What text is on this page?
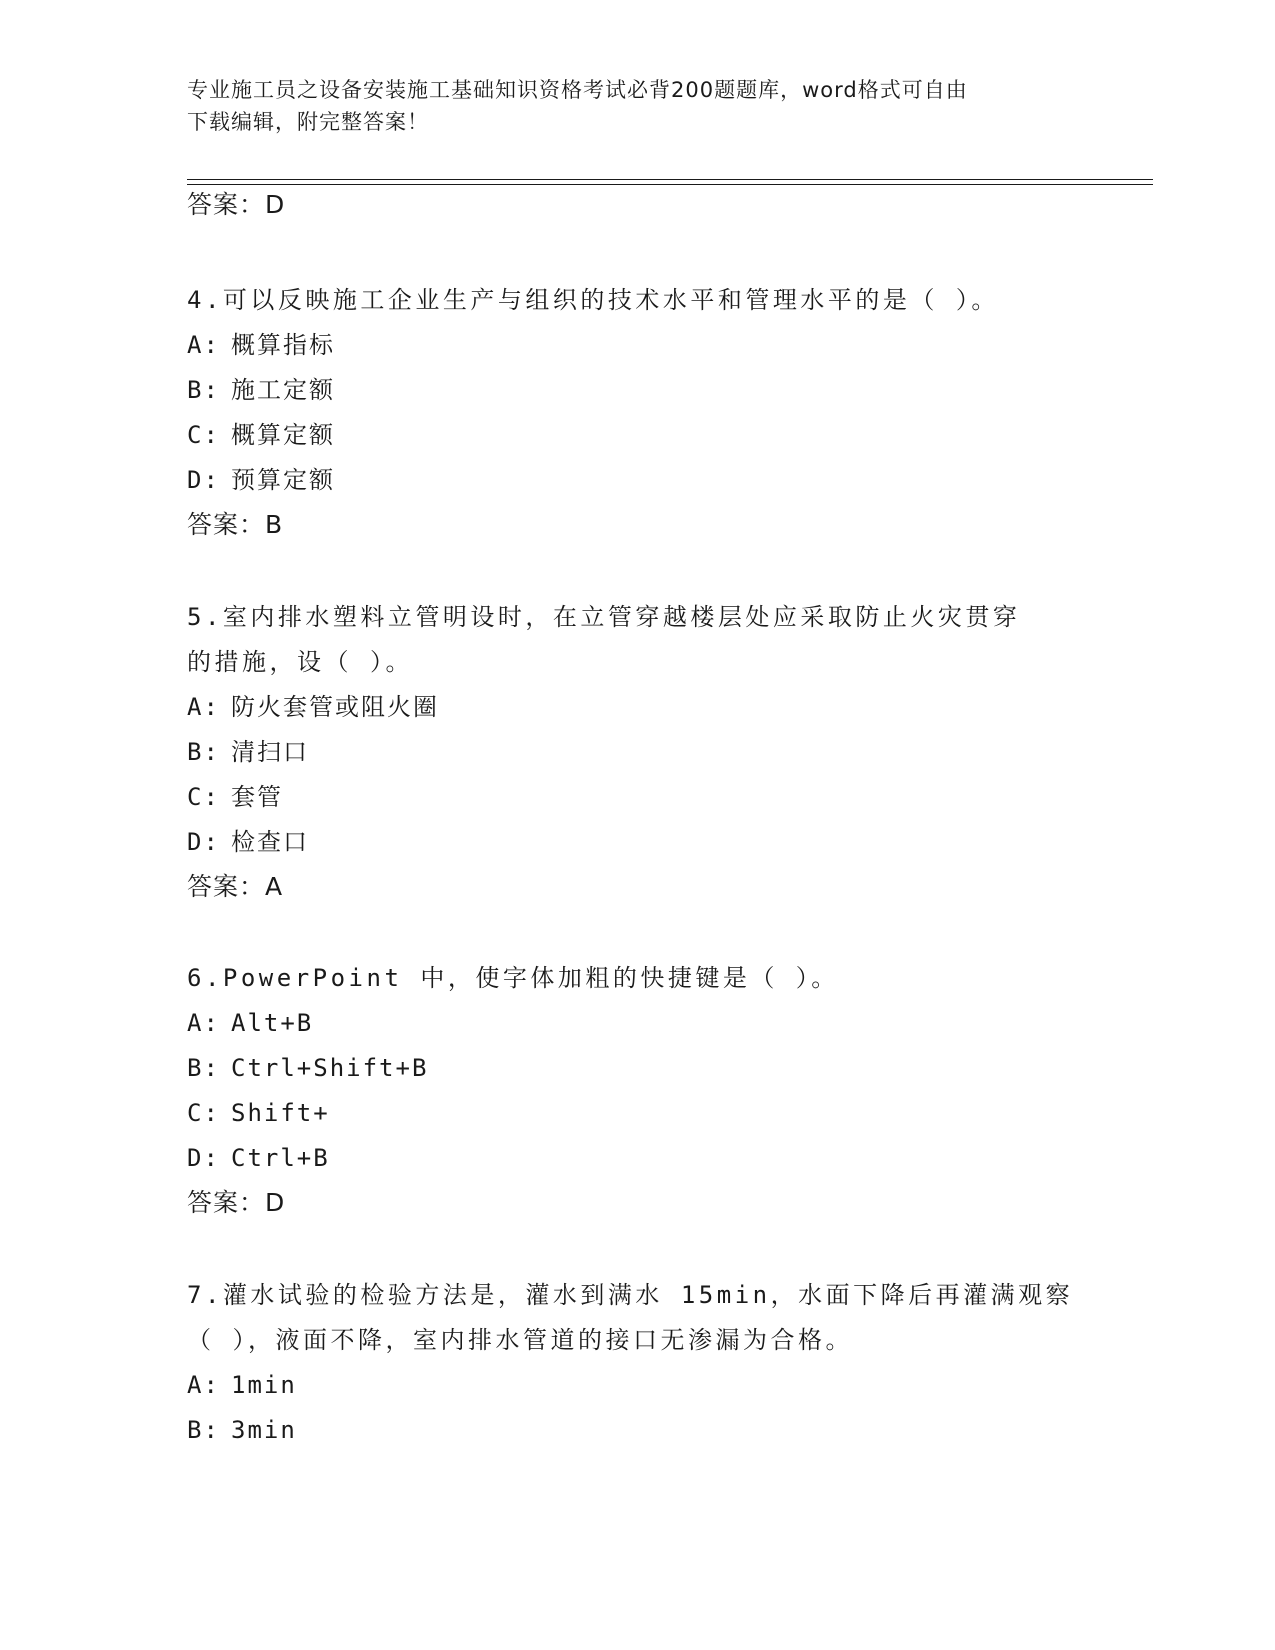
专业施工员之设备安装施工基础知识资格考试必背200题题库，word格式可自由
下载编辑，附完整答案！
答案：D
4.可以反映施工企业生产与组织的技术水平和管理水平的是（ ）。
A: 概算指标
B: 施工定额
C: 概算定额
D: 预算定额
答案：B
5.室内排水塑料立管明设时，在立管穿越楼层处应采取防止火灾贯穿
的措施，设（ ）。
A: 防火套管或阻火圈
B: 清扫口
C: 套管
D: 检查口
答案：A
6.PowerPoint 中，使字体加粗的快捷键是（ ）。
A: Alt+B
B: Ctrl+Shift+B
C: Shift+
D: Ctrl+B
答案：D
7.灌水试验的检验方法是，灌水到满水 15min，水面下降后再灌满观察
（ ），液面不降，室内排水管道的接口无渗漏为合格。
A: 1min
B: 3min
